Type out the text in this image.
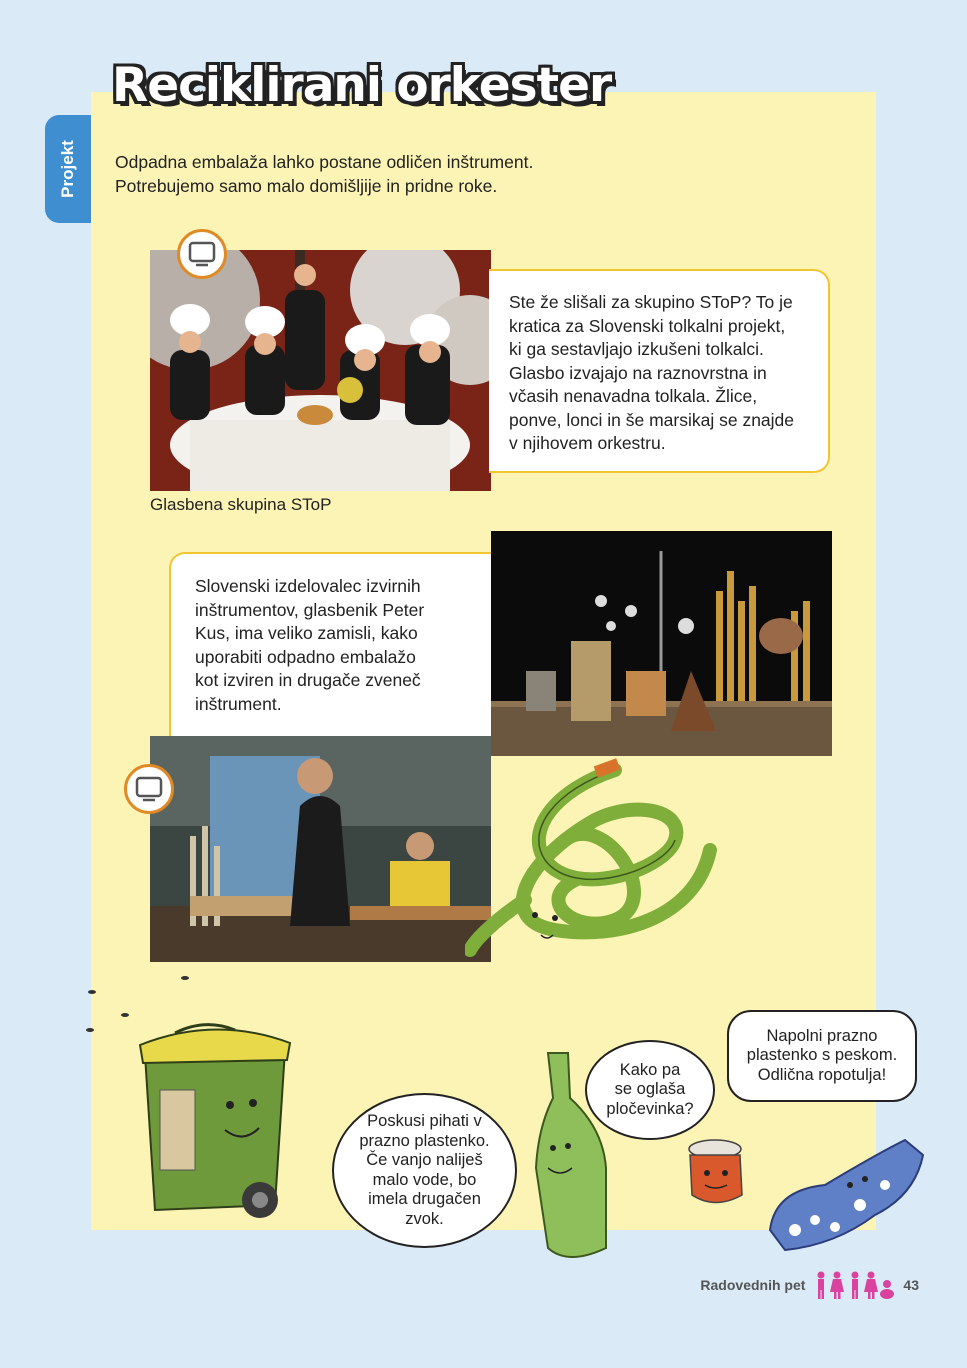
Projekt
Reciklirani orkester

Odpadna embalaža lahko postane odličen inštrument.

Potrebujemo samo malo domišljije in pridne roke.

Ste že slišali za skupino SToP? To je
kratica za Slovenski tolkalni projekt,
ki ga sestavljajo izkušeni tolkalci.
Glasbo izvajajo na raznovrstna in
včasih nenavadna tolkala. Žlice,
ponve, lonci in še marsikaj se znajde
v njihovem orkestru.
Glasbena skupina SToP
Slovenski izdelovalec izvirnih
inštrumentov, glasbenik Peter
Kus, ima veliko zamisli, kako
uporabiti odpadno embalažo
kot izviren in drugače zveneč
inštrument.
Poskusi pihati v
prazno plastenko.
Če vanjo naliješ
malo vode, bo
imela drugačen
zvok.
Kako pa
se oglaša
pločevinka?
Napolni prazno
plastenko s peskom.
Odlična ropotulja!
Radovednih pet	43
